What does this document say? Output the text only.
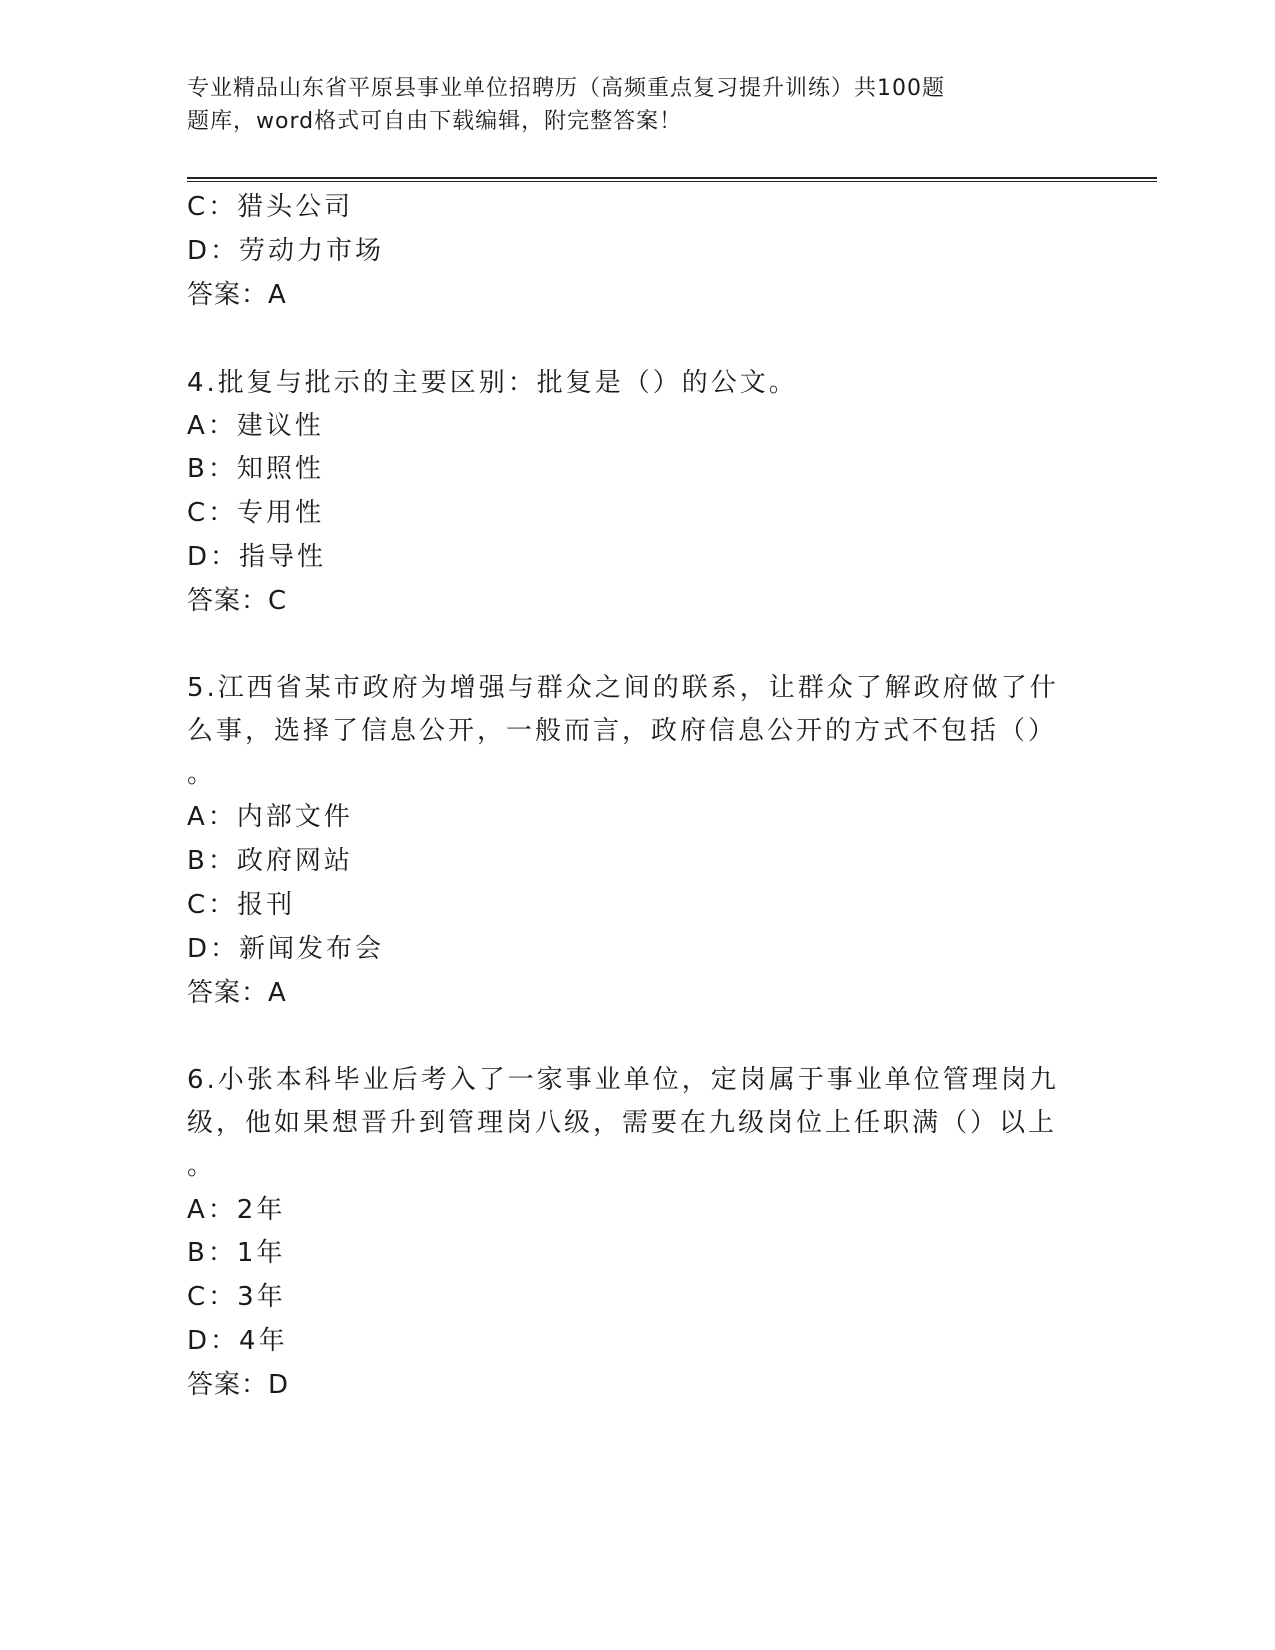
专业精品山东省平原县事业单位招聘历（高频重点复习提升训练）共100题
题库，word格式可自由下载编辑，附完整答案！
C：猎头公司
D：劳动力市场
答案：A
4.批复与批示的主要区别：批复是（）的公文。
A：建议性
B：知照性
C：专用性
D：指导性
答案：C
5.江西省某市政府为增强与群众之间的联系，让群众了解政府做了什
么事，选择了信息公开，一般而言，政府信息公开的方式不包括（）
。
A：内部文件
B：政府网站
C：报刊
D：新闻发布会
答案：A
6.小张本科毕业后考入了一家事业单位，定岗属于事业单位管理岗九
级，他如果想晋升到管理岗八级，需要在九级岗位上任职满（）以上
。
A：2年
B：1年
C：3年
D：4年
答案：D
